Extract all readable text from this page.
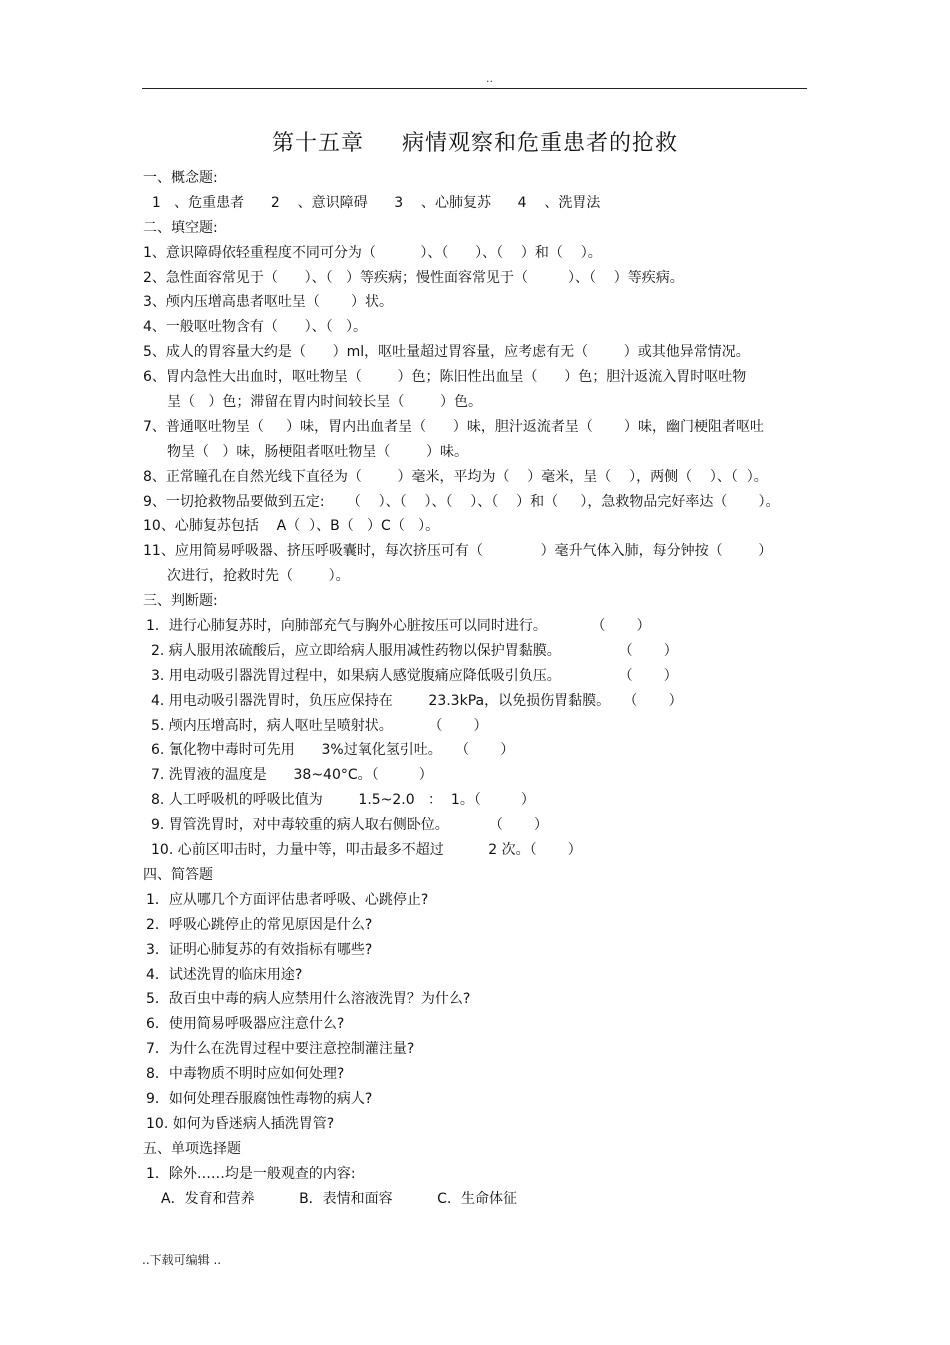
..
第十五章 病情观察和危重患者的抢救
一、概念题:
1   、危重患者      2    、意识障碍      3    、心肺复苏      4    、洗胃法
二、填空题:
1、意识障碍依轻重程度不同可分为（          ）、（      ）、（    ）和（    ）。
2、急性面容常见于（      ）、（   ）等疾病；慢性面容常见于（         ）、（    ）等疾病。
3、颅内压增高患者呕吐呈（       ）状。
4、一般呕吐物含有（      ）、（   ）。
5、成人的胃容量大约是（      ）ml，呕吐量超过胃容量，应考虑有无（        ）或其他异常情况。
6、胃内急性大出血时，呕吐物呈（        ）色；陈旧性出血呈（      ）色；胆汁返流入胃时呕吐物
呈（   ）色；滞留在胃内时间较长呈（        ）色。
7、普通呕吐物呈（     ）味，胃内出血者呈（      ）味，胆汁返流者呈（       ）味，幽门梗阻者呕吐
物呈（   ）味，肠梗阻者呕吐物呈（        ）味。
8、正常瞳孔在自然光线下直径为（        ）毫米，平均为（    ）毫米，呈（    ），两侧（    ）、（  ）。
9、一切抢救物品要做到五定:     （    ）、（    ）、（    ）、（    ）和（     ），急救物品完好率达（       ）。
10、心肺复苏包括    A（  ）、B（   ）C（   ）。
11、应用简易呼吸器、挤压呼吸囊时，每次挤压可有（             ）毫升气体入肺，每分钟按（        ）
次进行，抢救时先（        ）。
三、判断题:
1．进行心肺复苏时，向肺部充气与胸外心脏按压可以同时进行。          （       ）
2. 病人服用浓硫酸后，应立即给病人服用减性药物以保护胃黏膜。             （       ）
3. 用电动吸引器洗胃过程中，如果病人感觉腹痛应降低吸引负压。             （       ）
4. 用电动吸引器洗胃时，负压应保持在        23.3kPa，以免损伤胃黏膜。   （       ）
5. 颅内压增高时，病人呕吐呈喷射状。        （       ）
6. 氰化物中毒时可先用      3%过氧化氢引吐。   （       ）
7. 洗胃液的温度是      38~40°C。（         ）
8. 人工呼吸机的呼吸比值为        1.5~2.0   ：  1。（         ）
9. 胃管洗胃时，对中毒较重的病人取右侧卧位。         （       ）
10. 心前区叩击时，力量中等，叩击最多不超过          2 次。（       ）
四、简答题
1．应从哪几个方面评估患者呼吸、心跳停止?
2．呼吸心跳停止的常见原因是什么?
3．证明心肺复苏的有效指标有哪些?
4．试述洗胃的临床用途?
5．敌百虫中毒的病人应禁用什么溶液洗胃？为什么?
6．使用简易呼吸器应注意什么?
7．为什么在洗胃过程中要注意控制灌注量?
8．中毒物质不明时应如何处理?
9．如何处理吞服腐蚀性毒物的病人?
10. 如何为昏迷病人插洗胃管?
五、单项选择题
1．除外……均是一般观查的内容:
A．发育和营养          B．表情和面容          C．生命体征
..下载可编辑 ..
